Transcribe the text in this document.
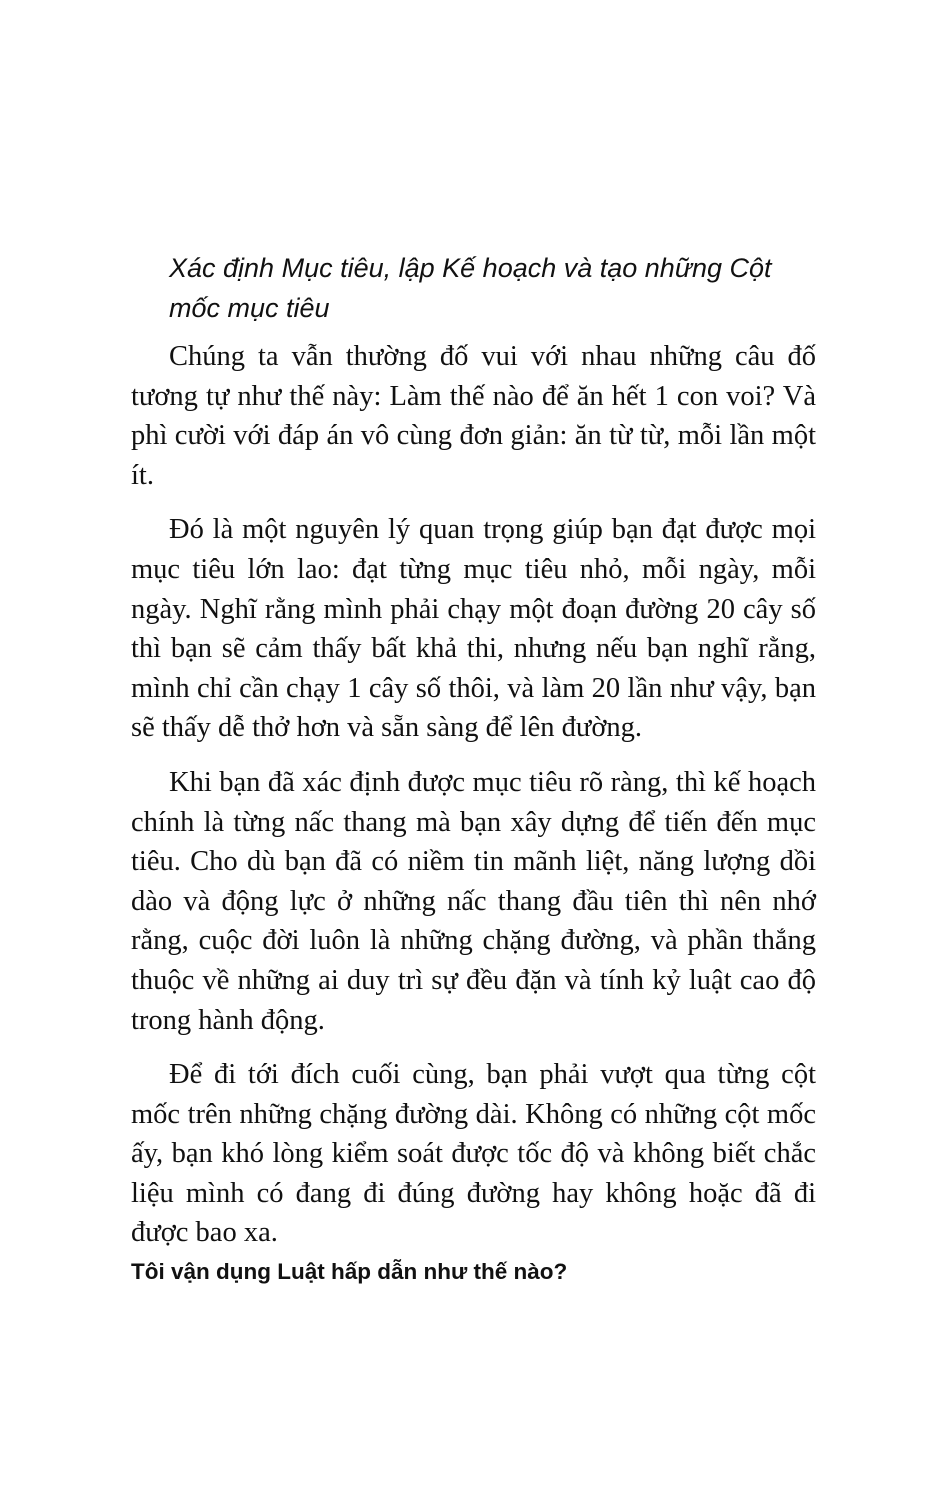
Xác định Mục tiêu, lập Kế hoạch và tạo những Cột mốc mục tiêu

Chúng ta vẫn thường đố vui với nhau những câu đố tương tự như thế này: Làm thế nào để ăn hết 1 con voi? Và phì cười với đáp án vô cùng đơn giản: ăn từ từ, mỗi lần một ít.

Đó là một nguyên lý quan trọng giúp bạn đạt được mọi mục tiêu lớn lao: đạt từng mục tiêu nhỏ, mỗi ngày, mỗi ngày. Nghĩ rằng mình phải chạy một đoạn đường 20 cây số thì bạn sẽ cảm thấy bất khả thi, nhưng nếu bạn nghĩ rằng, mình chỉ cần chạy 1 cây số thôi, và làm 20 lần như vậy, bạn sẽ thấy dễ thở hơn và sẵn sàng để lên đường.

Khi bạn đã xác định được mục tiêu rõ ràng, thì kế hoạch chính là từng nấc thang mà bạn xây dựng để tiến đến mục tiêu. Cho dù bạn đã có niềm tin mãnh liệt, năng lượng dồi dào và động lực ở những nấc thang đầu tiên thì nên nhớ rằng, cuộc đời luôn là những chặng đường, và phần thắng thuộc về những ai duy trì sự đều đặn và tính kỷ luật cao độ trong hành động.

Để đi tới đích cuối cùng, bạn phải vượt qua từng cột mốc trên những chặng đường dài. Không có những cột mốc ấy, bạn khó lòng kiểm soát được tốc độ và không biết chắc liệu mình có đang đi đúng đường hay không hoặc đã đi được bao xa.

Tôi vận dụng Luật hấp dẫn như thế nào?
